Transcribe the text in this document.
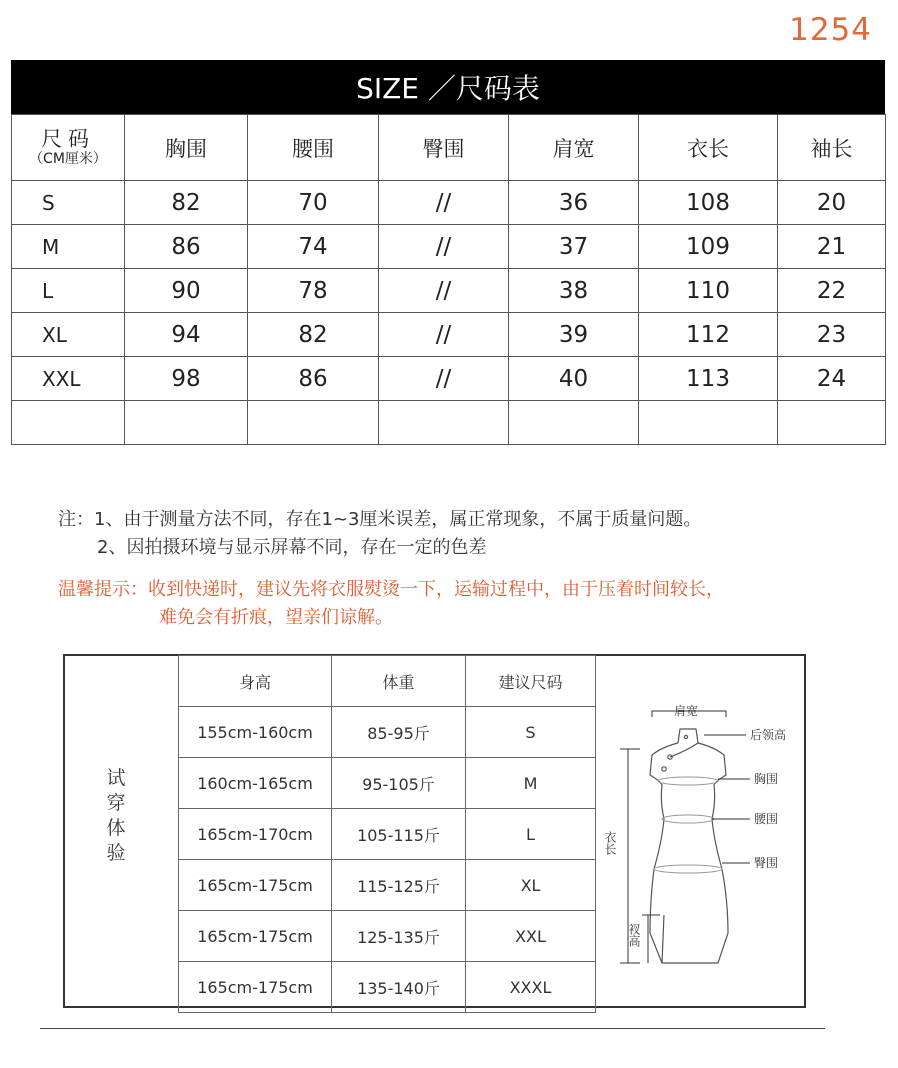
1254
SIZE ／尺码表
尺码
（CM厘米）	胸围	腰围	臀围	肩宽	衣长	袖长
S	82	70	//	36	108	20
M	86	74	//	37	109	21
L	90	78	//	38	110	22
XL	94	82	//	39	112	23
XXL	98	86	//	40	113	24

注：1、由于测量方法不同，存在1~3厘米误差，属正常现象，不属于质量问题。
2、因拍摄环境与显示屏幕不同，存在一定的色差
温馨提示：收到快递时，建议先将衣服熨烫一下，运输过程中，由于压着时间较长，
难免会有折痕，望亲们谅解。
试穿体验
身高	体重	建议尺码
155cm-160cm	85-95斤	S
160cm-165cm	95-105斤	M
165cm-170cm	105-115斤	L
165cm-175cm	115-125斤	XL
165cm-175cm	125-135斤	XXL
165cm-175cm	135-140斤	XXXL
肩宽
后领高
胸围
腰围
臀围
衣长
衩高
